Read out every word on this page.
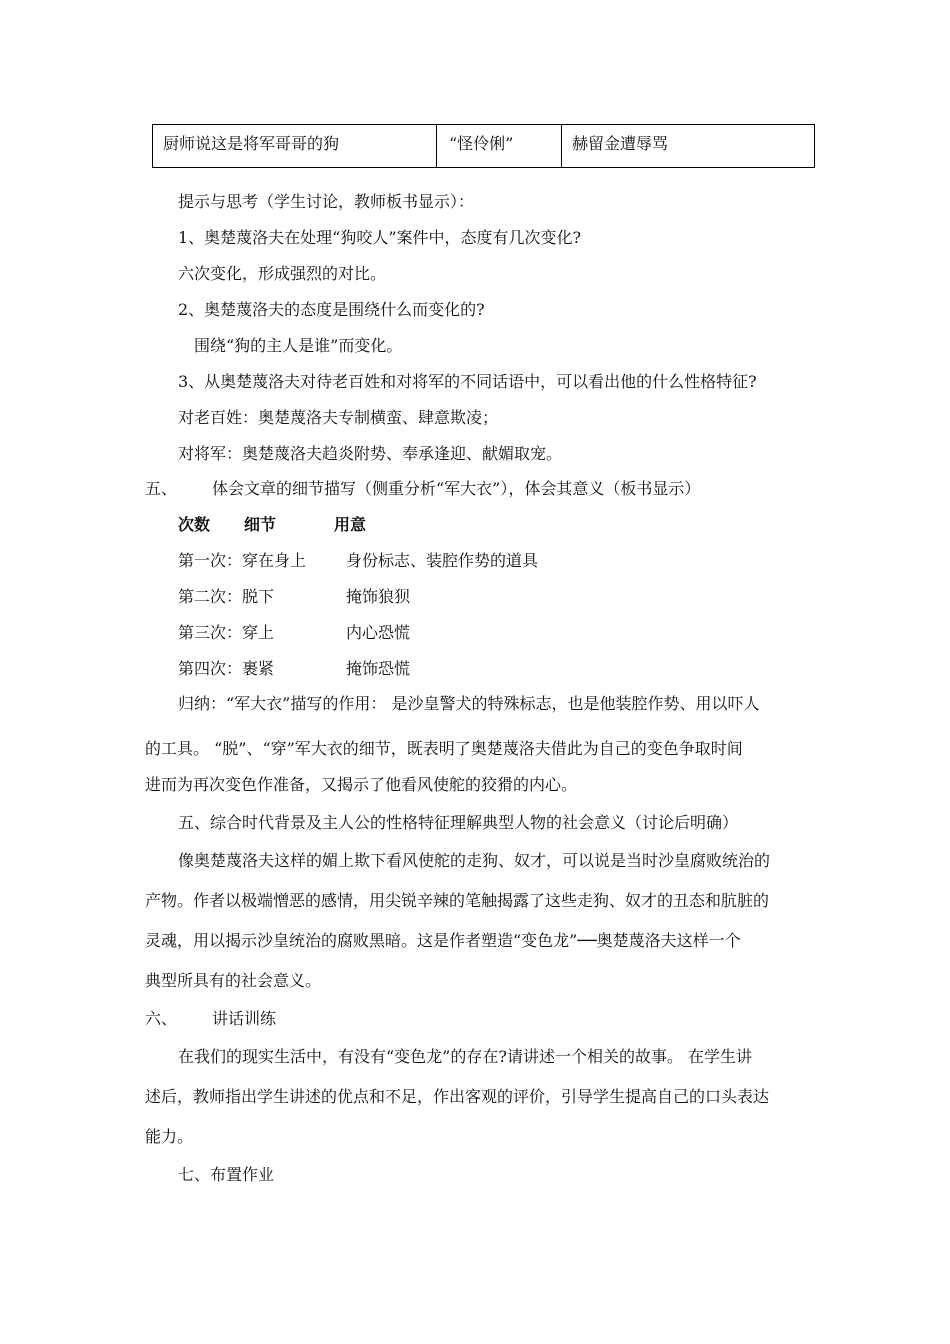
厨师说这是将军哥哥的狗	“怪伶俐”	赫留金遭辱骂
提示与思考（学生讨论，教师板书显示）：
1、奥楚蔑洛夫在处理“狗咬人”案件中，态度有几次变化?
六次变化，形成强烈的对比。
2、奥楚蔑洛夫的态度是围绕什么而变化的?
围绕“狗的主人是谁”而变化。
3、从奥楚蔑洛夫对待老百姓和对将军的不同话语中，可以看出他的什么性格特征?
对老百姓：奥楚蔑洛夫专制横蛮、肆意欺凌；
对将军：奥楚蔑洛夫趋炎附势、奉承逢迎、献媚取宠。
五、 体会文章的细节描写（侧重分析“军大衣”），体会其意义（板书显示）
次数 细节	用意
第一次：穿在身上 身份标志、装腔作势的道具
第二次：脱下	掩饰狼狈
第三次：穿上	内心恐慌
第四次：裹紧	掩饰恐慌
归纳：“军大衣”描写的作用： 是沙皇警犬的特殊标志，也是他装腔作势、用以吓人
的工具。 “脱”、“穿”军大衣的细节，既表明了奥楚蔑洛夫借此为自己的变色争取时间
进而为再次变色作准备，又揭示了他看风使舵的狡猾的内心。
五、综合时代背景及主人公的性格特征理解典型人物的社会意义（讨论后明确）
像奥楚蔑洛夫这样的媚上欺下看风使舵的走狗、奴才，可以说是当时沙皇腐败统治的
产物。作者以极端憎恶的感情，用尖锐辛辣的笔触揭露了这些走狗、奴才的丑态和肮脏的
灵魂，用以揭示沙皇统治的腐败黑暗。这是作者塑造“变色龙”──奥楚蔑洛夫这样一个
典型所具有的社会意义。
六、 讲话训练
在我们的现实生活中，有没有“变色龙”的存在?请讲述一个相关的故事。 在学生讲
述后，教师指出学生讲述的优点和不足，作出客观的评价，引导学生提高自己的口头表达
能力。
七、布置作业
